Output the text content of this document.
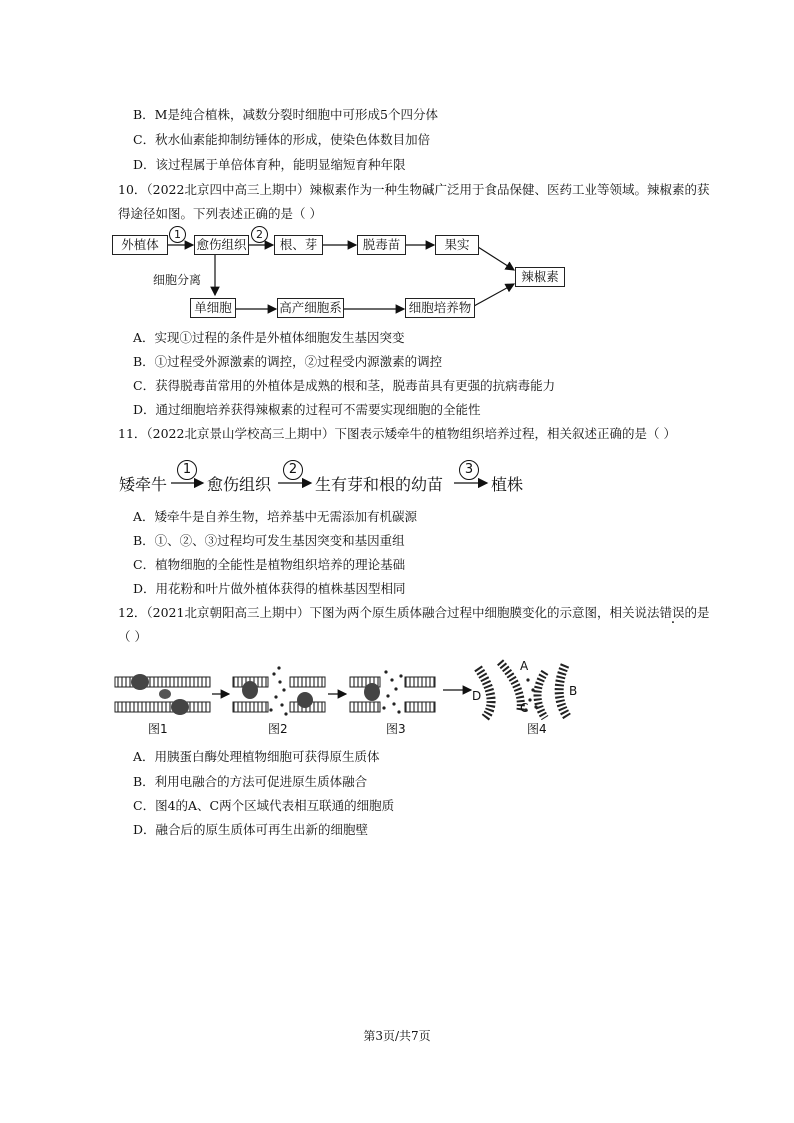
B．M是纯合植株，减数分裂时细胞中可形成5个四分体
C．秋水仙素能抑制纺锤体的形成，使染色体数目加倍
D．该过程属于单倍体育种，能明显缩短育种年限
10．（2022北京四中高三上期中）辣椒素作为一种生物碱广泛用于食品保健、医药工业等领域。辣椒素的获
得途径如图。下列表述正确的是（ ）
外植体	愈伤组织	根、芽	脱毒苗	果实
辣椒素
单细胞	高产细胞系	细胞培养物
细胞分离
1	2
A．实现①过程的条件是外植体细胞发生基因突变
B．①过程受外源激素的调控，②过程受内源激素的调控
C．获得脱毒苗常用的外植体是成熟的根和茎，脱毒苗具有更强的抗病毒能力
D．通过细胞培养获得辣椒素的过程可不需要实现细胞的全能性
11．（2022北京景山学校高三上期中）下图表示矮牵牛的植物组织培养过程，相关叙述正确的是（ ）
矮牵牛 愈伤组织	生有芽和根的幼苗	植株
1	2	3
A．矮牵牛是自养生物，培养基中无需添加有机碳源
B．①、②、③过程均可发生基因突变和基因重组
C．植物细胞的全能性是植物组织培养的理论基础
D．用花粉和叶片做外植体获得的植株基因型相同
12．（2021北京朝阳高三上期中）下图为两个原生质体融合过程中细胞膜变化的示意图，相关说法错误的是
（ ）
图1	图2	图3	图4
A
B
C
D
A．用胰蛋白酶处理植物细胞可获得原生质体
B．利用电融合的方法可促进原生质体融合
C．图4的A、C两个区域代表相互联通的细胞质
D．融合后的原生质体可再生出新的细胞壁
第3页/共7页
